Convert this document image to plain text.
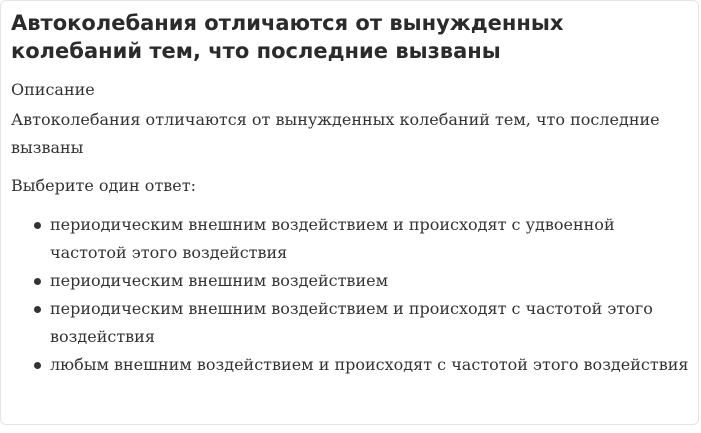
Автоколебания отличаются от вынужденных колебаний тем, что последние вызваны
Описание
Автоколебания отличаются от вынужденных колебаний тем, что последние вызваны
Выберите один ответ:
периодическим внешним воздействием и происходят с удвоенной частотой этого воздействия
периодическим внешним воздействием
периодическим внешним воздействием и происходят с частотой этого воздействия
любым внешним воздействием и происходят с частотой этого воздействия
